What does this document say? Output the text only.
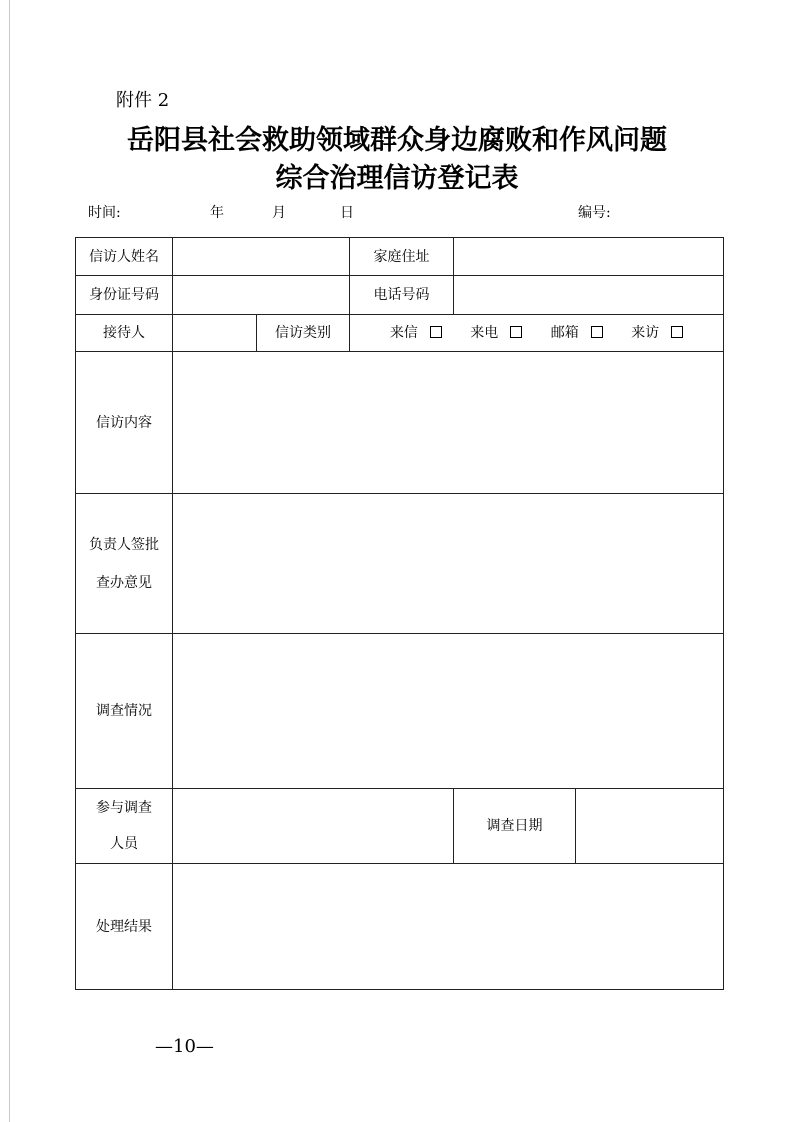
附件 2
岳阳县社会救助领域群众身边腐败和作风问题
综合治理信访登记表
时间:	年	月	日	编号:
信访人姓名			家庭住址		
身份证号码			电话号码		
接待人		信访类别	来信 来电 邮箱 来访		
信访内容					

负责人签批
查办意见					

调查情况					

参与调查
人员				调查日期	
处理结果					
—10—
